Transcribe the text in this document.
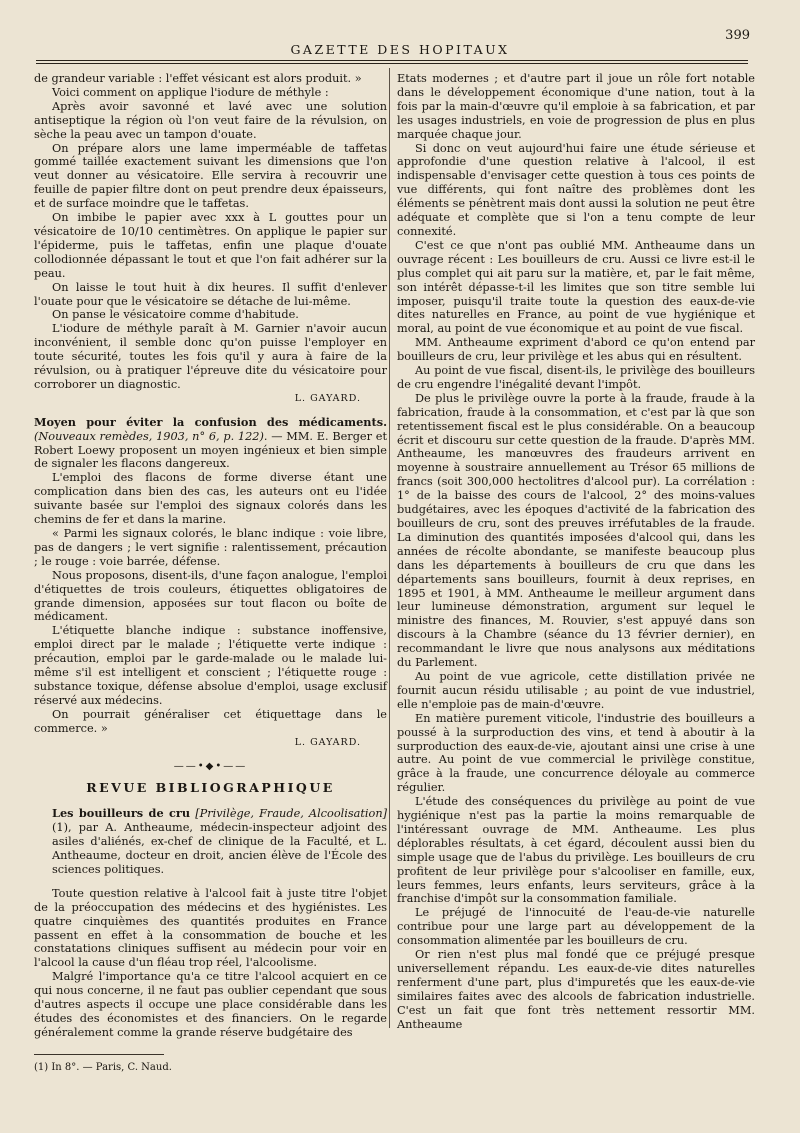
399
GAZETTE DES HOPITAUX

de grandeur variable : l'effet vésicant est alors produit. »

Voici comment on applique l'iodure de méthyle :

Après avoir savonné et lavé avec une solution antiseptique la région où l'on veut faire de la révulsion, on sèche la peau avec un tampon d'ouate.

On prépare alors une lame imperméable de taffetas gommé taillée exactement suivant les dimensions que l'on veut donner au vésicatoire. Elle servira à recouvrir une feuille de papier filtre dont on peut prendre deux épaisseurs, et de surface moindre que le taffetas.

On imbibe le papier avec xxx à L gouttes pour un vésicatoire de 10/10 centimètres. On applique le papier sur l'épiderme, puis le taffetas, enfin une plaque d'ouate collodionnée dépassant le tout et que l'on fait adhérer sur la peau.

On laisse le tout huit à dix heures. Il suffit d'enlever l'ouate pour que le vésicatoire se détache de lui-même.

On panse le vésicatoire comme d'habitude.

L'iodure de méthyle paraît à M. Garnier n'avoir aucun inconvénient, il semble donc qu'on puisse l'employer en toute sécurité, toutes les fois qu'il y aura à faire de la révulsion, ou à pratiquer l'épreuve dite du vésicatoire pour corroborer un diagnostic.

L. GAYARD.

Moyen pour éviter la confusion des médicaments. (Nouveaux remèdes, 1903, n° 6, p. 122). — MM. E. Berger et Robert Loewy proposent un moyen ingénieux et bien simple de signaler les flacons dangereux.

L'emploi des flacons de forme diverse étant une complication dans bien des cas, les auteurs ont eu l'idée suivante basée sur l'emploi des signaux colorés dans les chemins de fer et dans la marine.

« Parmi les signaux colorés, le blanc indique : voie libre, pas de dangers ; le vert signifie : ralentissement, précaution ; le rouge : voie barrée, défense.

Nous proposons, disent-ils, d'une façon analogue, l'emploi d'étiquettes de trois couleurs, étiquettes obligatoires de grande dimension, apposées sur tout flacon ou boîte de médicament.

L'étiquette blanche indique : substance inoffensive, emploi direct par le malade ; l'étiquette verte indique : précaution, emploi par le garde-malade ou le malade lui-même s'il est intelligent et conscient ; l'étiquette rouge : substance toxique, défense absolue d'emploi, usage exclusif réservé aux médecins.

On pourrait généraliser cet étiquettage dans le commerce. »

L. GAYARD.

——•◆•——
REVUE BIBLIOGRAPHIQUE

Les bouilleurs de cru [Privilège, Fraude, Alcoolisation] (1), par A. Antheaume, médecin-inspecteur adjoint des asiles d'aliénés, ex-chef de clinique de la Faculté, et L. Antheaume, docteur en droit, ancien élève de l'École des sciences politiques.

Toute question relative à l'alcool fait à juste titre l'objet de la préoccupation des médecins et des hygiénistes. Les quatre cinquièmes des quantités produites en France passent en effet à la consommation de bouche et les constatations cliniques suffisent au médecin pour voir en l'alcool la cause d'un fléau trop réel, l'alcoolisme.

Malgré l'importance qu'a ce titre l'alcool acquiert en ce qui nous concerne, il ne faut pas oublier cependant que sous d'autres aspects il occupe une place considérable dans les études des économistes et des financiers. On le regarde généralement comme la grande réserve budgétaire des

(1) In 8°. — Paris, C. Naud.

Etats modernes ; et d'autre part il joue un rôle fort notable dans le développement économique d'une nation, tout à la fois par la main-d'œuvre qu'il emploie à sa fabrication, et par les usages industriels, en voie de progression de plus en plus marquée chaque jour.

Si donc on veut aujourd'hui faire une étude sérieuse et approfondie d'une question relative à l'alcool, il est indispensable d'envisager cette question à tous ces points de vue différents, qui font naître des problèmes dont les éléments se pénètrent mais dont aussi la solution ne peut être adéquate et complète que si l'on a tenu compte de leur connexité.

C'est ce que n'ont pas oublié MM. Antheaume dans un ouvrage récent : Les bouilleurs de cru. Aussi ce livre est-il le plus complet qui ait paru sur la matière, et, par le fait même, son intérêt dépasse-t-il les limites que son titre semble lui imposer, puisqu'il traite toute la question des eaux-de-vie dites naturelles en France, au point de vue hygiénique et moral, au point de vue économique et au point de vue fiscal.

MM. Antheaume expriment d'abord ce qu'on entend par bouilleurs de cru, leur privilège et les abus qui en résultent.

Au point de vue fiscal, disent-ils, le privilège des bouilleurs de cru engendre l'inégalité devant l'impôt.

De plus le privilège ouvre la porte à la fraude, fraude à la fabrication, fraude à la consommation, et c'est par là que son retentissement fiscal est le plus considérable. On a beaucoup écrit et discouru sur cette question de la fraude. D'après MM. Antheaume, les manœuvres des fraudeurs arrivent en moyenne à soustraire annuellement au Trésor 65 millions de francs (soit 300,000 hectolitres d'alcool pur). La corrélation : 1° de la baisse des cours de l'alcool, 2° des moins-values budgétaires, avec les époques d'activité de la fabrication des bouilleurs de cru, sont des preuves irréfutables de la fraude. La diminution des quantités imposées d'alcool qui, dans les années de récolte abondante, se manifeste beaucoup plus dans les départements à bouilleurs de cru que dans les départements sans bouilleurs, fournit à deux reprises, en 1895 et 1901, à MM. Antheaume le meilleur argument dans leur lumineuse démonstration, argument sur lequel le ministre des finances, M. Rouvier, s'est appuyé dans son discours à la Chambre (séance du 13 février dernier), en recommandant le livre que nous analysons aux méditations du Parlement.

Au point de vue agricole, cette distillation privée ne fournit aucun résidu utilisable ; au point de vue industriel, elle n'emploie pas de main-d'œuvre.

En matière purement viticole, l'industrie des bouilleurs a poussé à la surproduction des vins, et tend à aboutir à la surproduction des eaux-de-vie, ajoutant ainsi une crise à une autre. Au point de vue commercial le privilège constitue, grâce à la fraude, une concurrence déloyale au commerce régulier.

L'étude des conséquences du privilège au point de vue hygiénique n'est pas la partie la moins remarquable de l'intéressant ouvrage de MM. Antheaume. Les plus déplorables résultats, à cet égard, découlent aussi bien du simple usage que de l'abus du privilège. Les bouilleurs de cru profitent de leur privilège pour s'alcooliser en famille, eux, leurs femmes, leurs enfants, leurs serviteurs, grâce à la franchise d'impôt sur la consommation familiale.

Le préjugé de l'innocuité de l'eau-de-vie naturelle contribue pour une large part au développement de la consommation alimentée par les bouilleurs de cru.

Or rien n'est plus mal fondé que ce préjugé presque universellement répandu. Les eaux-de-vie dites naturelles renferment d'une part, plus d'impuretés que les eaux-de-vie similaires faites avec des alcools de fabrication industrielle. C'est un fait que font très nettement ressortir MM. Antheaume
